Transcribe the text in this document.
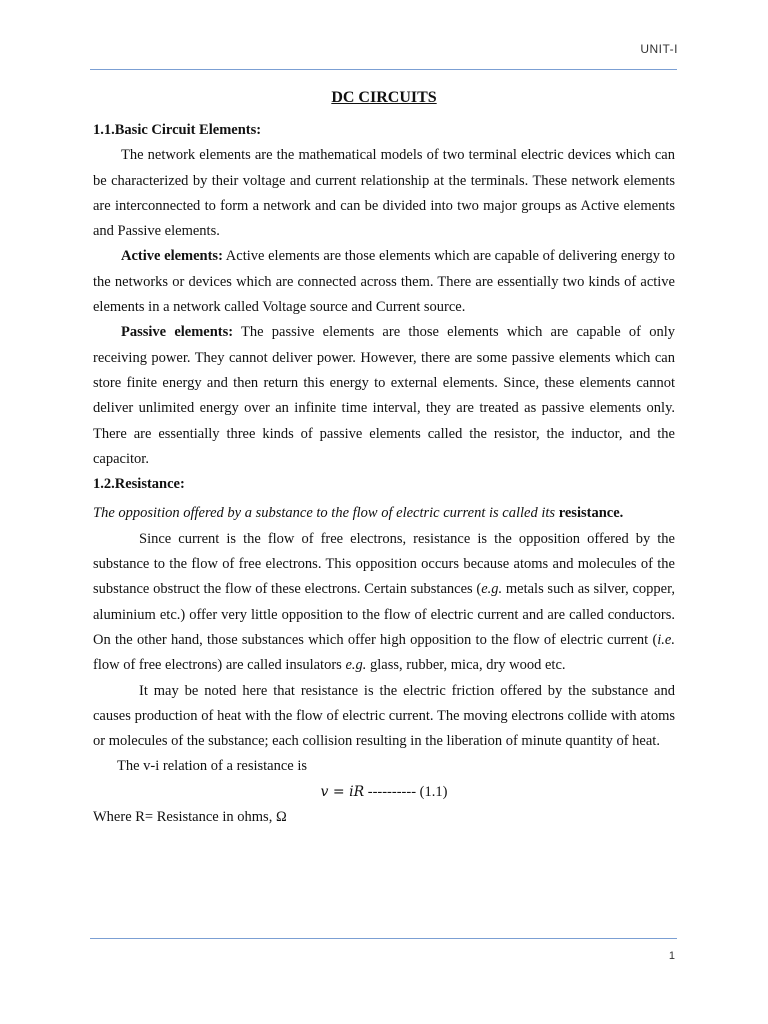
UNIT-I
DC CIRCUITS
1.1.Basic Circuit Elements:

The network elements are the mathematical models of two terminal electric devices which can be characterized by their voltage and current relationship at the terminals. These network elements are interconnected to form a network and can be divided into two major groups as Active elements and Passive elements.

Active elements: Active elements are those elements which are capable of delivering energy to the networks or devices which are connected across them. There are essentially two kinds of active elements in a network called Voltage source and Current source.

Passive elements: The passive elements are those elements which are capable of only receiving power. They cannot deliver power. However, there are some passive elements which can store finite energy and then return this energy to external elements. Since, these elements cannot deliver unlimited energy over an infinite time interval, they are treated as passive elements only. There are essentially three kinds of passive elements called the resistor, the inductor, and the capacitor.

1.2.Resistance:

The opposition offered by a substance to the flow of electric current is called its resistance.

Since current is the flow of free electrons, resistance is the opposition offered by the substance to the flow of free electrons. This opposition occurs because atoms and molecules of the substance obstruct the flow of these electrons. Certain substances (e.g. metals such as silver, copper, aluminium etc.) offer very little opposition to the flow of electric current and are called conductors. On the other hand, those substances which offer high opposition to the flow of electric current (i.e. flow of free electrons) are called insulators e.g. glass, rubber, mica, dry wood etc.

It may be noted here that resistance is the electric friction offered by the substance and causes production of heat with the flow of electric current. The moving electrons collide with atoms or molecules of the substance; each collision resulting in the liberation of minute quantity of heat.

The v-i relation of a resistance is

v = iR ---------- (1.1)

Where R= Resistance in ohms, Ω

1
